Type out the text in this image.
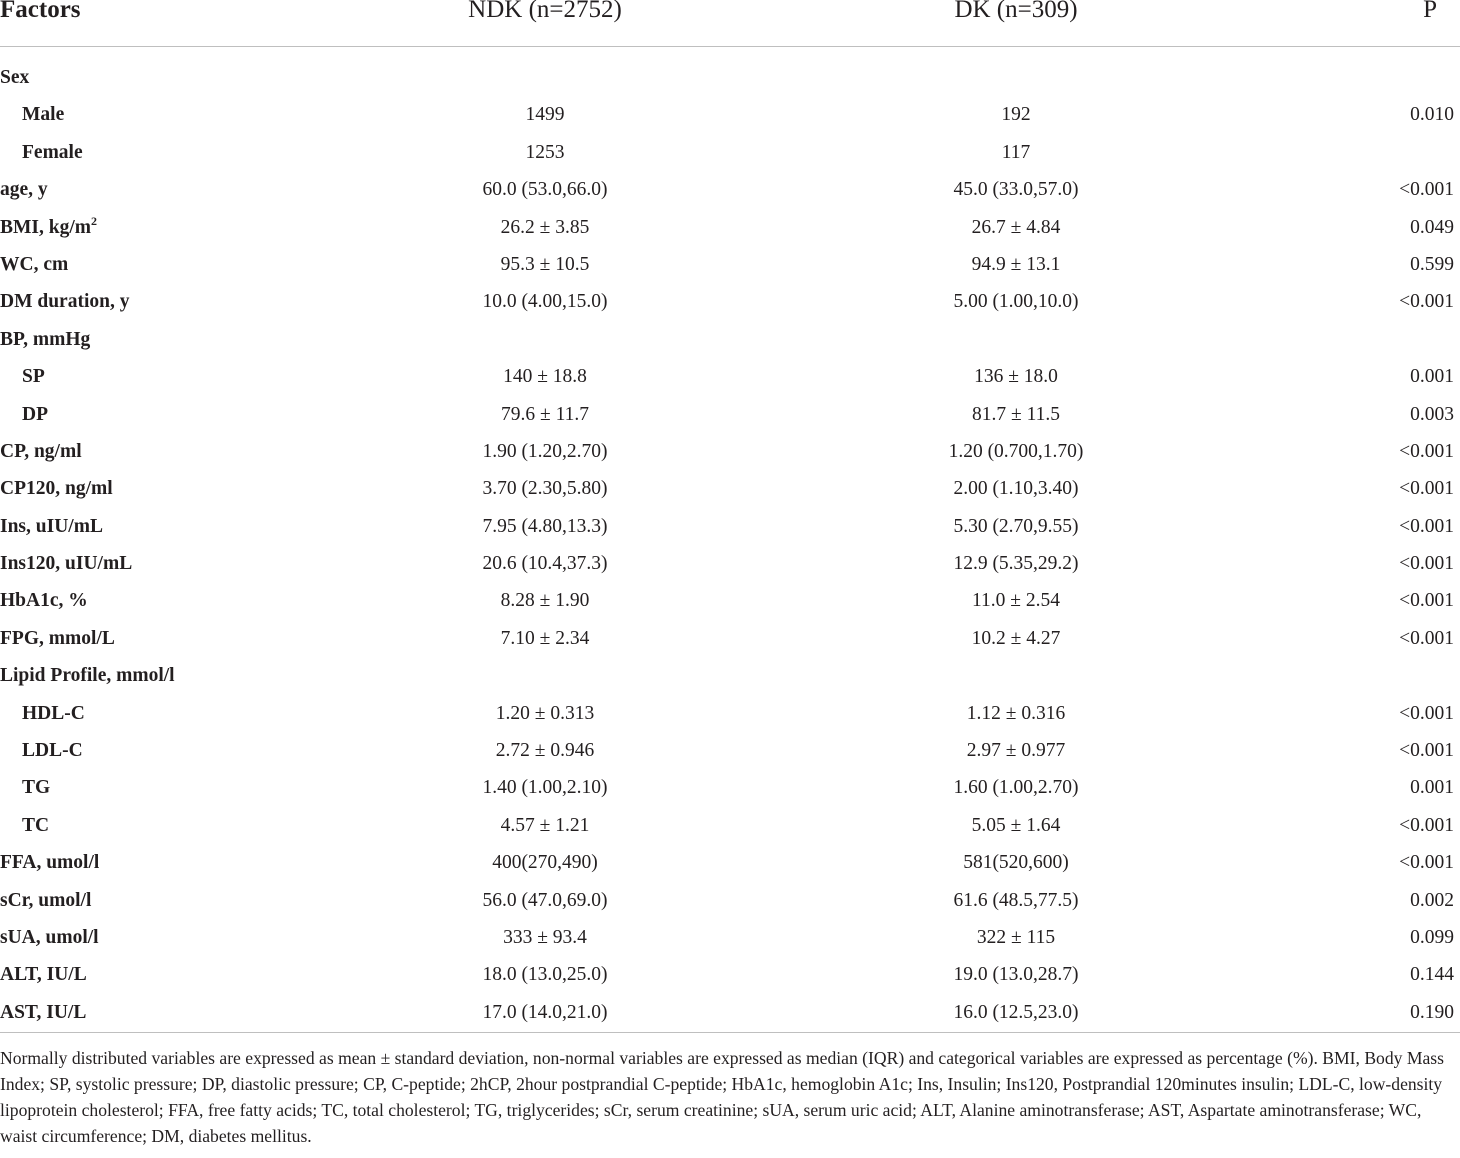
Factors	NDK (n=2752)	DK (n=309)	P
Sex
Male	1499	192	0.010
Female	1253	117
age, y	60.0 (53.0,66.0)	45.0 (33.0,57.0)	<0.001
BMI, $kg/m^2$	26.2 ± 3.85	26.7 ± 4.84	0.049
WC, cm	95.3 ± 10.5	94.9 ± 13.1	0.599
DM duration, y	10.0 (4.00,15.0)	5.00 (1.00,10.0)	<0.001
BP, mmHg
SP	140 ± 18.8	136 ± 18.0	0.001
DP	79.6 ± 11.7	81.7 ± 11.5	0.003
CP, ng/ml	1.90 (1.20,2.70)	1.20 (0.700,1.70)	<0.001
CP120, ng/ml	3.70 (2.30,5.80)	2.00 (1.10,3.40)	<0.001
Ins, uIU/mL	7.95 (4.80,13.3)	5.30 (2.70,9.55)	<0.001
Ins120, uIU/mL	20.6 (10.4,37.3)	12.9 (5.35,29.2)	<0.001
HbA1c, %	8.28 ± 1.90	11.0 ± 2.54	<0.001
FPG, mmol/L	7.10 ± 2.34	10.2 ± 4.27	<0.001
Lipid Profile, mmol/l
HDL-C	1.20 ± 0.313	1.12 ± 0.316	<0.001
LDL-C	2.72 ± 0.946	2.97 ± 0.977	<0.001
TG	1.40 (1.00,2.10)	1.60 (1.00,2.70)	0.001
TC	4.57 ± 1.21	5.05 ± 1.64	<0.001
FFA, umol/l	400(270,490)	581(520,600)	<0.001
sCr, umol/l	56.0 (47.0,69.0)	61.6 (48.5,77.5)	0.002
sUA, umol/l	333 ± 93.4	322 ± 115	0.099
ALT, IU/L	18.0 (13.0,25.0)	19.0 (13.0,28.7)	0.144
AST, IU/L	17.0 (14.0,21.0)	16.0 (12.5,23.0)	0.190
Normally distributed variables are expressed as mean ± standard deviation, non-normal variables are expressed as median (IQR) and categorical variables are expressed as percentage (%). BMI, Body Mass Index; SP, systolic pressure; DP, diastolic pressure; CP, C-peptide; 2hCP, 2hour postprandial C-peptide; HbA1c, hemoglobin A1c; Ins, Insulin; Ins120, Postprandial 120minutes insulin; LDL-C, low-density lipoprotein cholesterol; FFA, free fatty acids; TC, total cholesterol; TG, triglycerides; sCr, serum creatinine; sUA, serum uric acid; ALT, Alanine aminotransferase; AST, Aspartate aminotransferase; WC, waist circumference; DM, diabetes mellitus.
